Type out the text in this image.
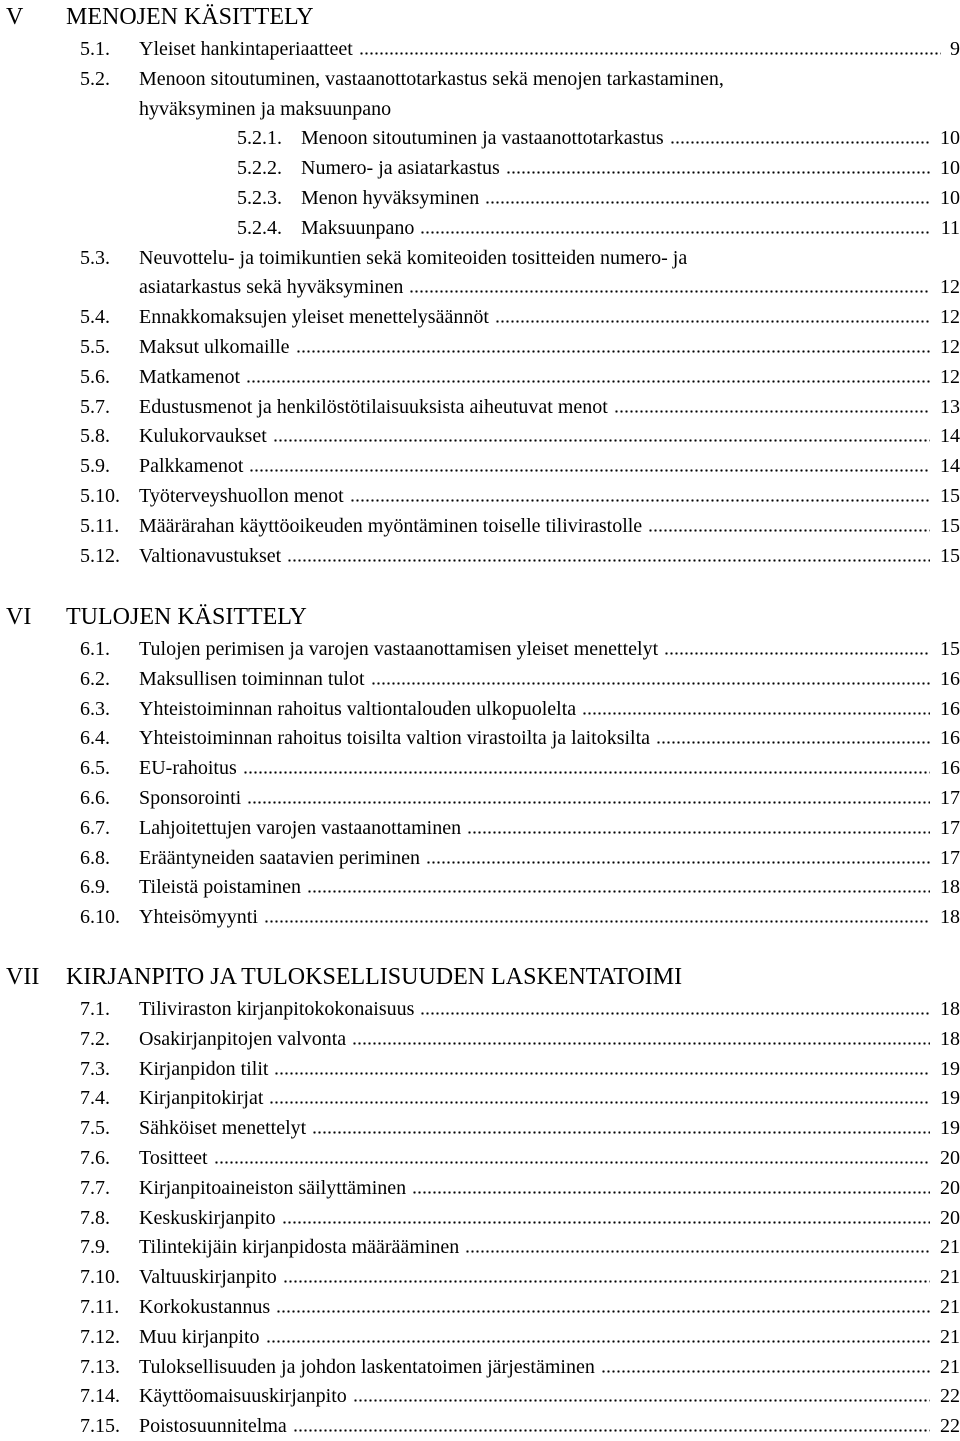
V MENOJEN KÄSITTELY
5.1. Yleiset hankintaperiaatteet	9
5.2. Menoon sitoutuminen, vastaanottotarkastus sekä menojen tarkastaminen,
hyväksyminen ja maksuunpano
5.2.1. Menoon sitoutuminen ja vastaanottotarkastus	10
5.2.2. Numero- ja asiatarkastus	10
5.2.3. Menon hyväksyminen	10
5.2.4. Maksuunpano	11
5.3. Neuvottelu- ja toimikuntien sekä komiteoiden tositteiden numero- ja
asiatarkastus sekä hyväksyminen	12
5.4. Ennakkomaksujen yleiset menettelysäännöt	12
5.5. Maksut ulkomaille	12
5.6. Matkamenot	12
5.7. Edustusmenot ja henkilöstötilaisuuksista aiheutuvat menot	13
5.8. Kulukorvaukset	14
5.9. Palkkamenot	14
5.10. Työterveyshuollon menot	15
5.11. Määrärahan käyttöoikeuden myöntäminen toiselle tilivirastolle	15
5.12. Valtionavustukset	15
VI TULOJEN KÄSITTELY
6.1. Tulojen perimisen ja varojen vastaanottamisen yleiset menettelyt	15
6.2. Maksullisen toiminnan tulot	16
6.3. Yhteistoiminnan rahoitus valtiontalouden ulkopuolelta	16
6.4. Yhteistoiminnan rahoitus toisilta valtion virastoilta ja laitoksilta	16
6.5. EU-rahoitus	16
6.6. Sponsorointi	17
6.7. Lahjoitettujen varojen vastaanottaminen	17
6.8. Erääntyneiden saatavien periminen	17
6.9. Tileistä poistaminen	18
6.10. Yhteisömyynti	18
VII KIRJANPITO JA TULOKSELLISUUDEN LASKENTATOIMI
7.1. Tiliviraston kirjanpitokokonaisuus	18
7.2. Osakirjanpitojen valvonta	18
7.3. Kirjanpidon tilit	19
7.4. Kirjanpitokirjat	19
7.5. Sähköiset menettelyt	19
7.6. Tositteet	20
7.7. Kirjanpitoaineiston säilyttäminen	20
7.8. Keskuskirjanpito	20
7.9. Tilintekijäin kirjanpidosta määrääminen	21
7.10. Valtuuskirjanpito	21
7.11. Korkokustannus	21
7.12. Muu kirjanpito	21
7.13. Tuloksellisuuden ja johdon laskentatoimen järjestäminen	21
7.14. Käyttöomaisuuskirjanpito	22
7.15. Poistosuunnitelma	22
